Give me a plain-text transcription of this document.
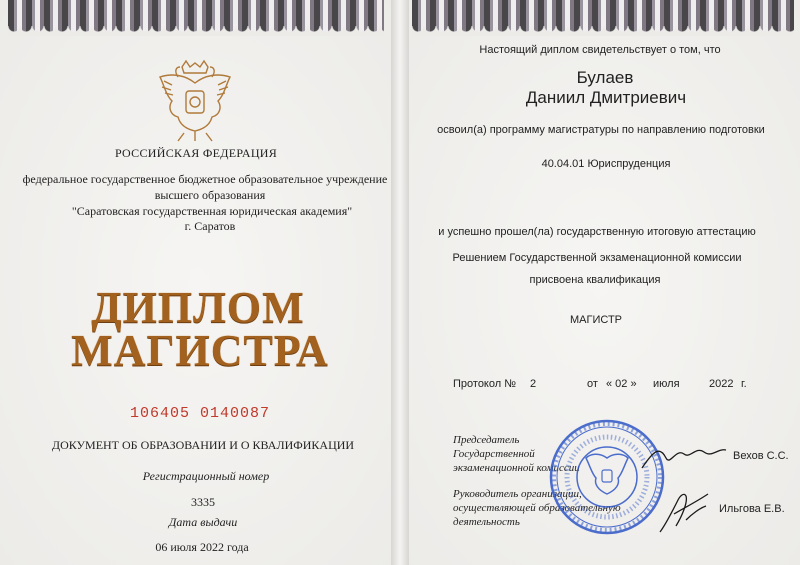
РОССИЙСКАЯ ФЕДЕРАЦИЯ
федеральное государственное бюджетное образовательное учреждение
высшего образования
"Саратовская государственная юридическая академия"
г. Саратов
ДИПЛОМ
МАГИСТРА
106405 0140087
ДОКУМЕНТ ОБ ОБРАЗОВАНИИ И О КВАЛИФИКАЦИИ
Регистрационный номер
3335
Дата выдачи
06 июля 2022 года
Настоящий диплом свидетельствует о том, что
Булаев
Даниил Дмитриевич
освоил(а) программу магистратуры по направлению подготовки
40.04.01 Юриспруденция
и успешно прошел(ла) государственную итоговую аттестацию
Решением Государственной экзаменационной комиссии
присвоена квалификация
МАГИСТР
Протокол № 2	от « 02 » июля	2022 г.
Председатель
Государственной
экзаменационной комиссии
Вехов С.С.
Руководитель организации,
осуществляющей образовательную
деятельность
Ильгова Е.В.
